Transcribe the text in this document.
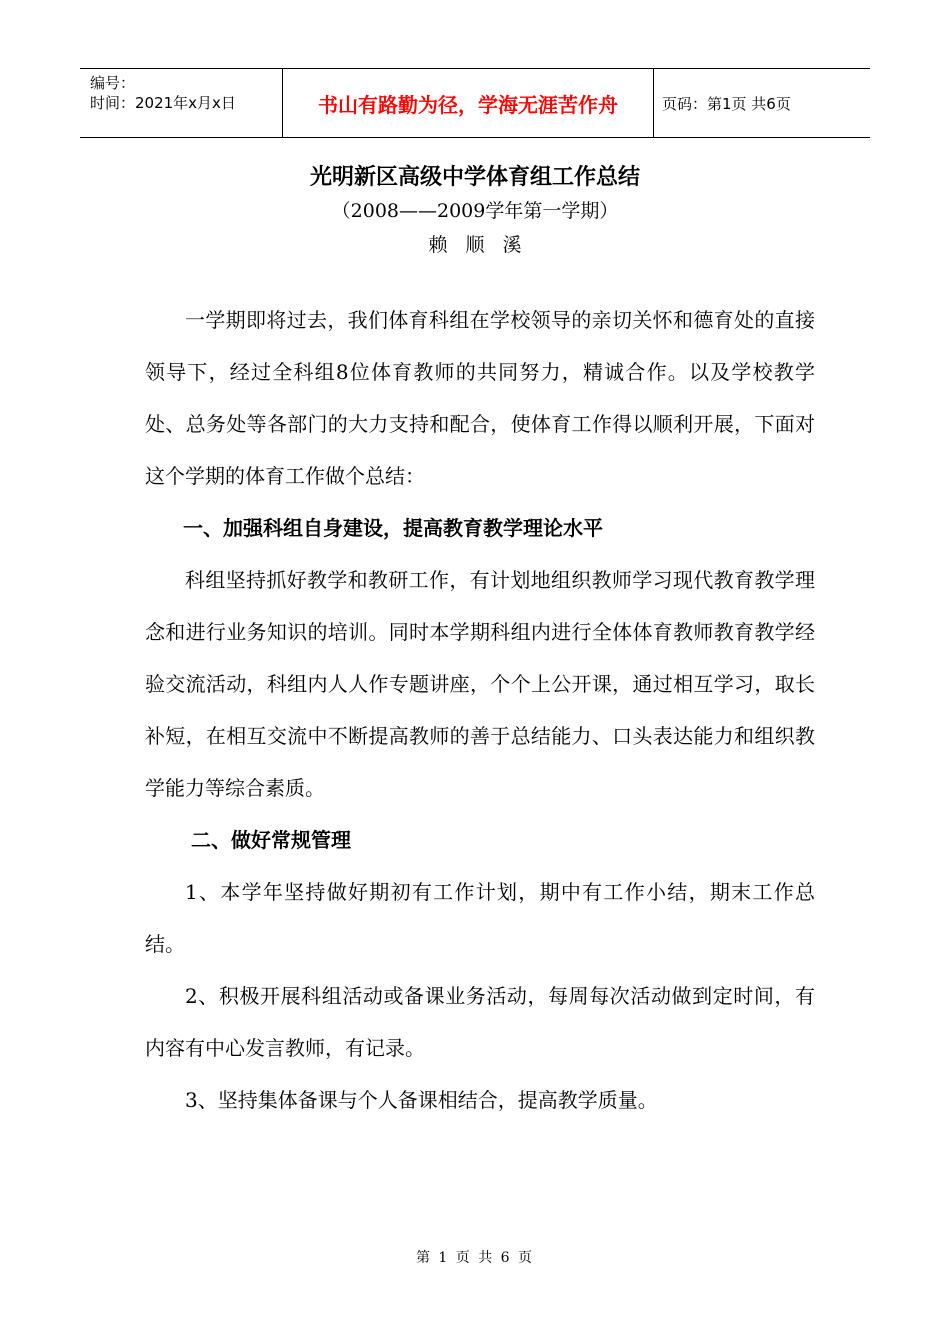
编号：
时间：2021年x月x日	书山有路勤为径，学海无涯苦作舟	页码：第1页 共6页
光明新区高级中学体育组工作总结
（2008——2009学年第一学期）
赖顺溪

一学期即将过去，我们体育科组在学校领导的亲切关怀和德育处的直接领导下，经过全科组8位体育教师的共同努力，精诚合作。以及学校教学处、总务处等各部门的大力支持和配合，使体育工作得以顺利开展，下面对这个学期的体育工作做个总结：

一、加强科组自身建设，提高教育教学理论水平

科组坚持抓好教学和教研工作，有计划地组织教师学习现代教育教学理念和进行业务知识的培训。同时本学期科组内进行全体体育教师教育教学经验交流活动，科组内人人作专题讲座，个个上公开课，通过相互学习，取长补短，在相互交流中不断提高教师的善于总结能力、口头表达能力和组织教学能力等综合素质。

二、做好常规管理

1、本学年坚持做好期初有工作计划，期中有工作小结，期末工作总结。

2、积极开展科组活动或备课业务活动，每周每次活动做到定时间，有内容有中心发言教师，有记录。

3、坚持集体备课与个人备课相结合，提高教学质量。

第 1 页 共 6 页
